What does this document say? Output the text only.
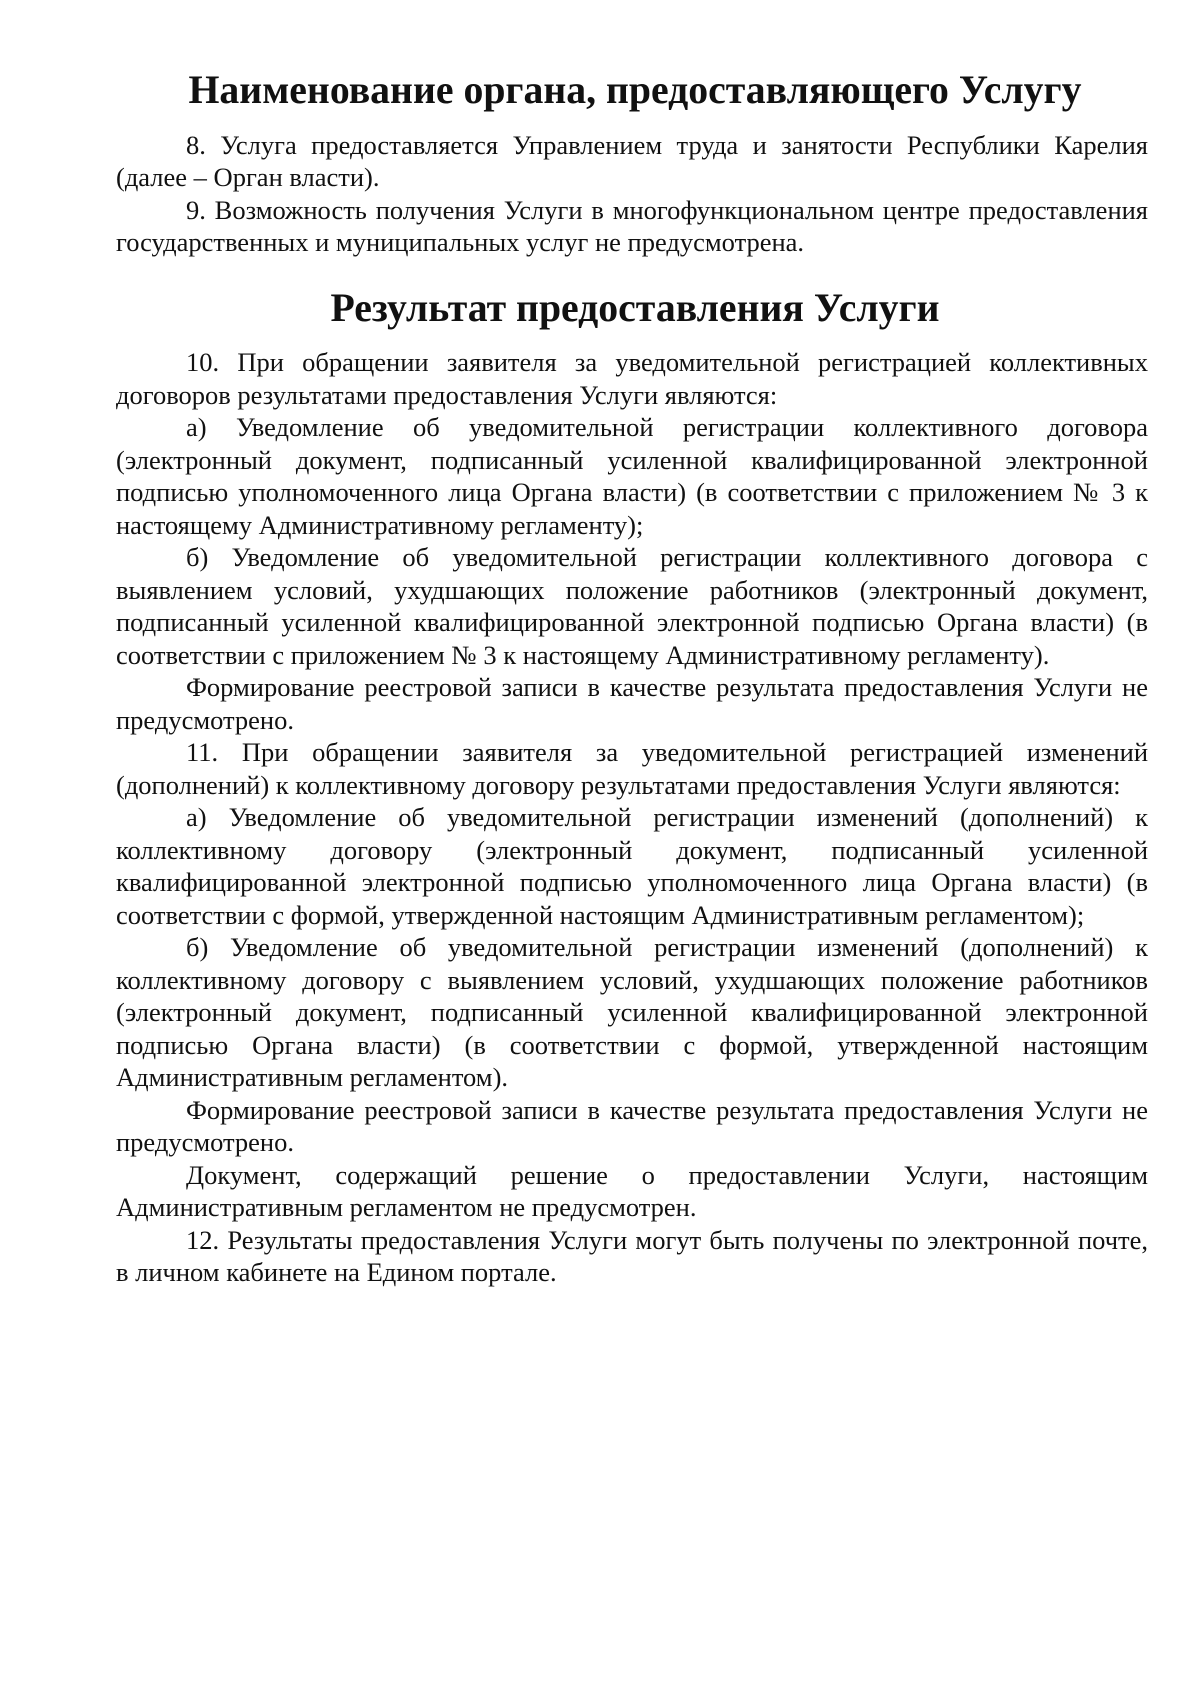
Наименование органа, предоставляющего Услугу

8. Услуга предоставляется Управлением труда и занятости Республики Карелия (далее – Орган власти).

9. Возможность получения Услуги в многофункциональном центре предоставления государственных и муниципальных услуг не предусмотрена.

Результат предоставления Услуги

10. При обращении заявителя за уведомительной регистрацией коллективных договоров результатами предоставления Услуги являются:

а) Уведомление об уведомительной регистрации коллективного договора (электронный документ, подписанный усиленной квалифицированной электронной подписью уполномоченного лица Органа власти) (в соответствии с приложением № 3 к настоящему Административному регламенту);

б) Уведомление об уведомительной регистрации коллективного договора с выявлением условий, ухудшающих положение работников (электронный документ, подписанный усиленной квалифицированной электронной подписью Органа власти) (в соответствии с приложением № 3 к настоящему Административному регламенту).

Формирование реестровой записи в качестве результата предоставления Услуги не предусмотрено.

11. При обращении заявителя за уведомительной регистрацией изменений (дополнений) к коллективному договору результатами предоставления Услуги являются:

а) Уведомление об уведомительной регистрации изменений (дополнений) к коллективному договору (электронный документ, подписанный усиленной квалифицированной электронной подписью уполномоченного лица Органа власти) (в соответствии с формой, утвержденной настоящим Административным регламентом);

б) Уведомление об уведомительной регистрации изменений (дополнений) к коллективному договору с выявлением условий, ухудшающих положение работников (электронный документ, подписанный усиленной квалифицированной электронной подписью Органа власти) (в соответствии с формой, утвержденной настоящим Административным регламентом).

Формирование реестровой записи в качестве результата предоставления Услуги не предусмотрено.

Документ, содержащий решение о предоставлении Услуги, настоящим Административным регламентом не предусмотрен.

12. Результаты предоставления Услуги могут быть получены по электронной почте, в личном кабинете на Едином портале.
